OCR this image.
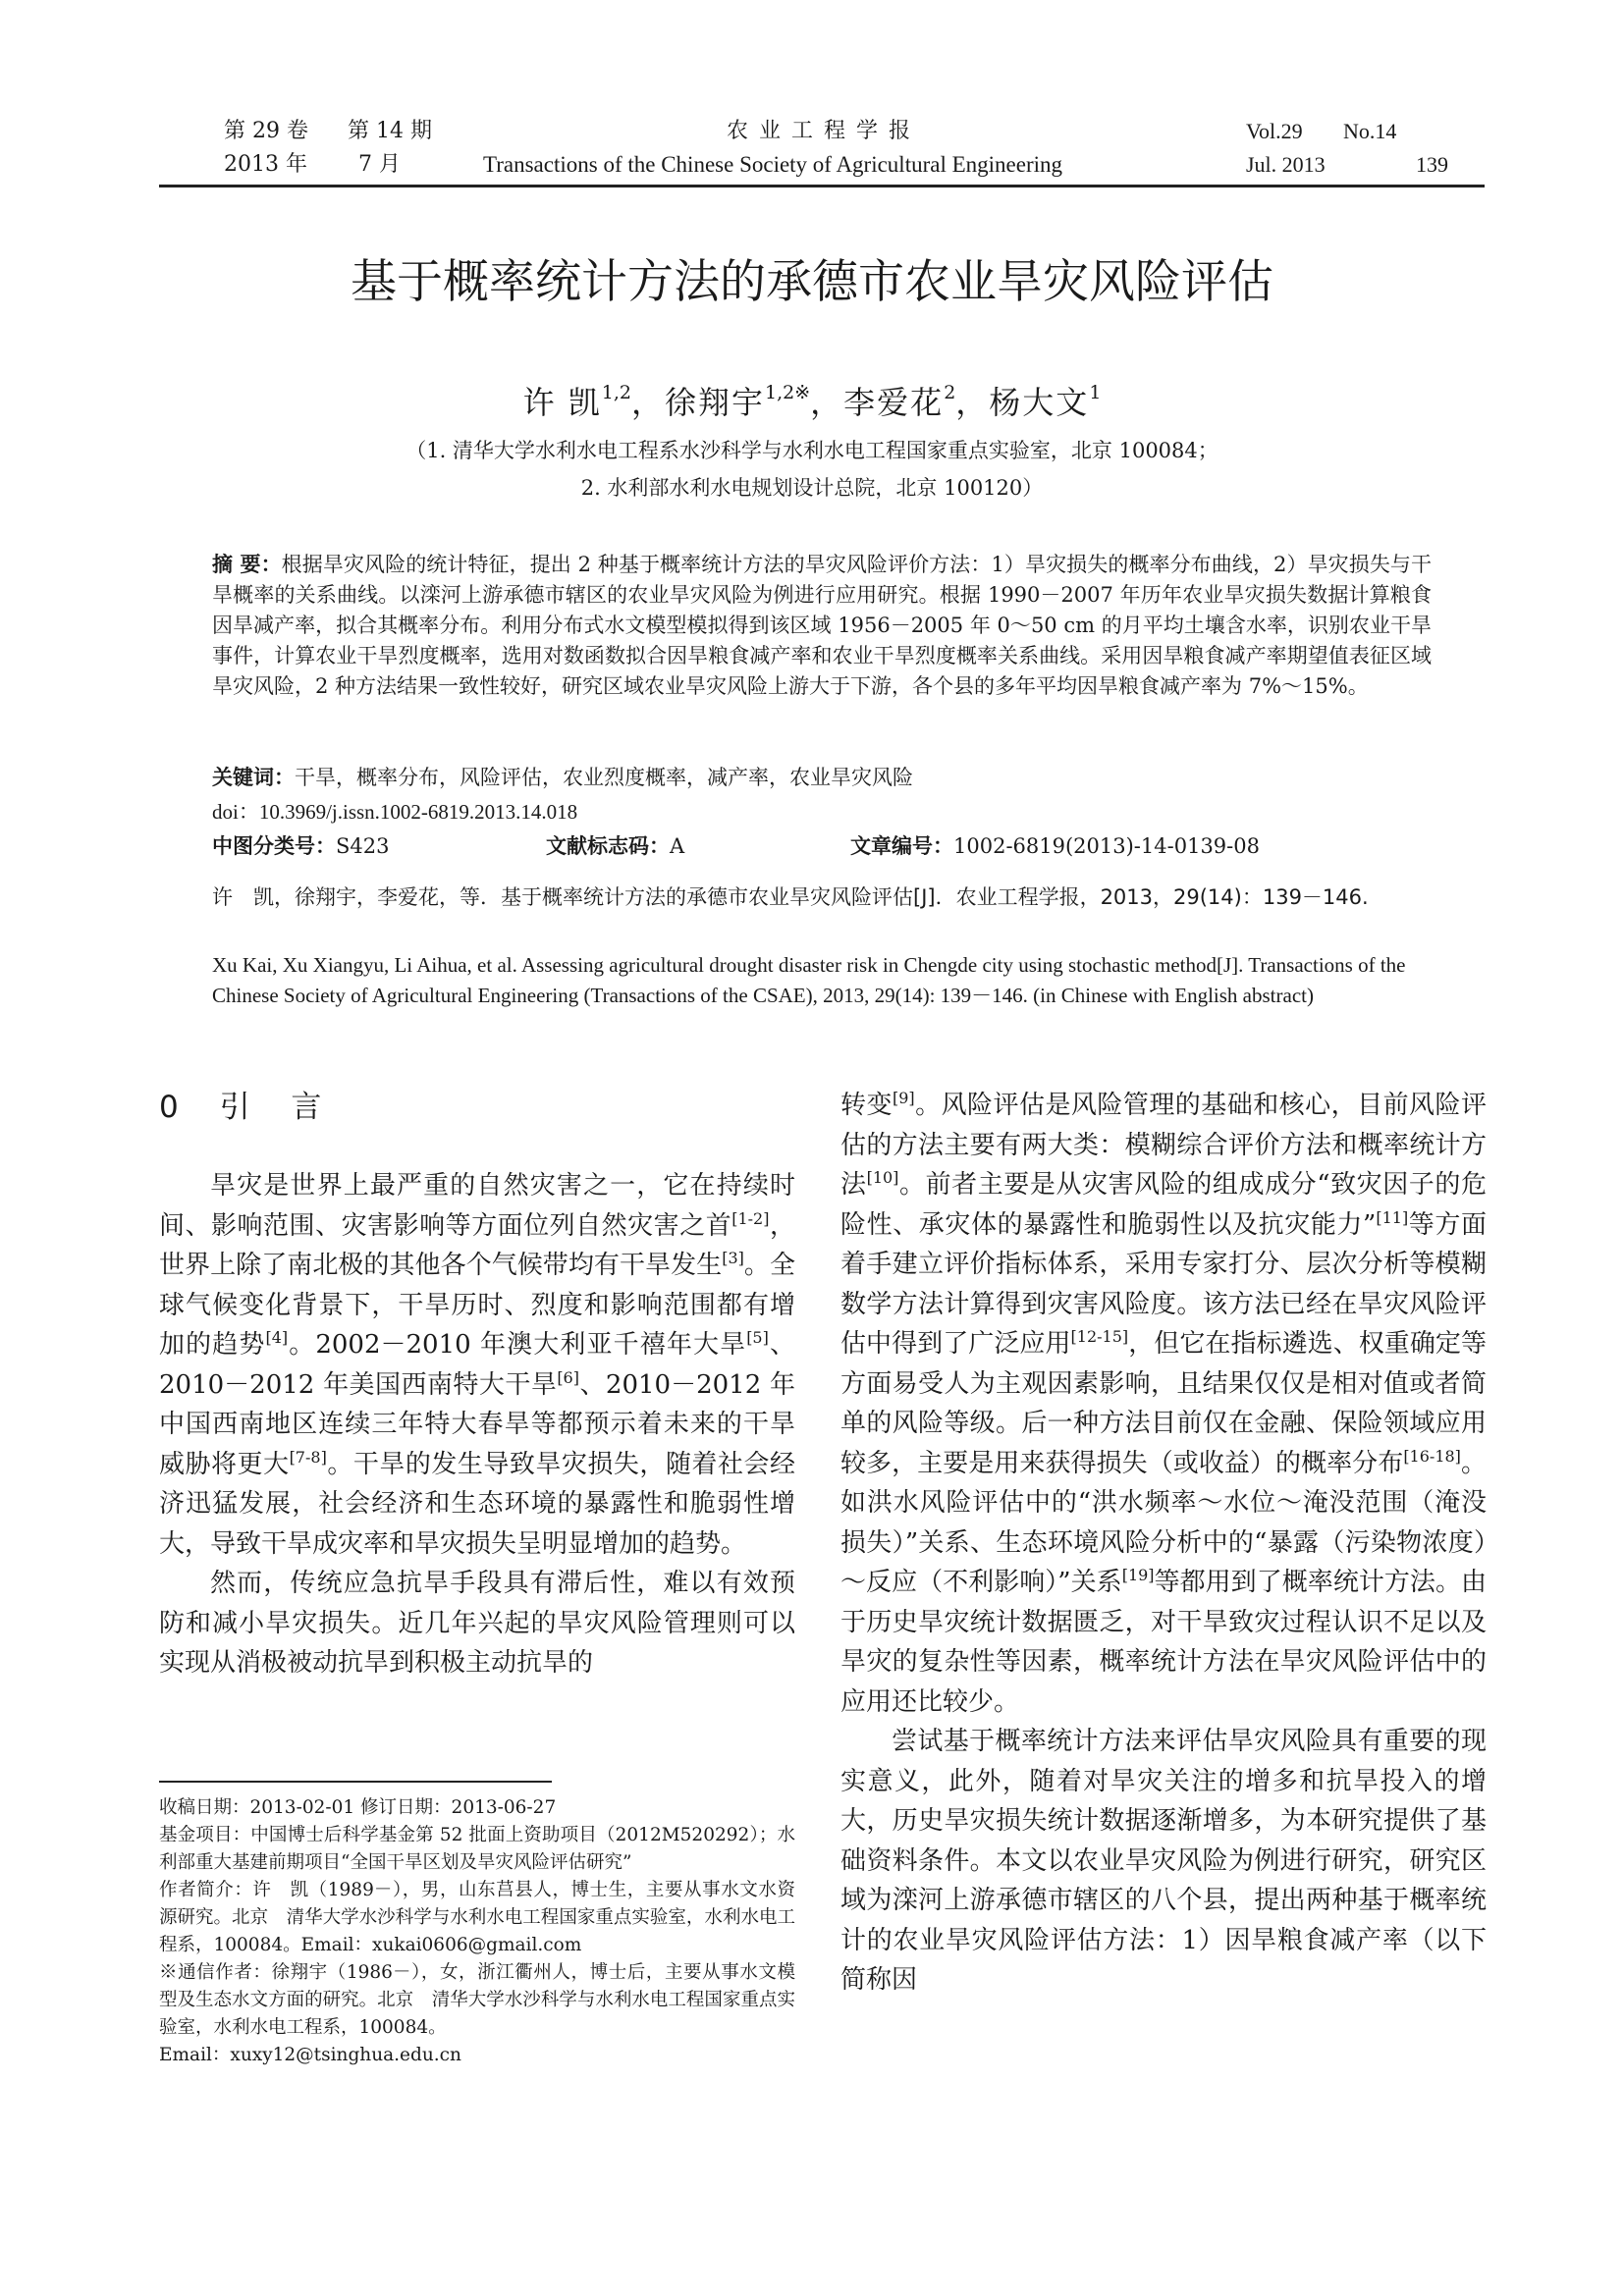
第 29 卷 第 14 期	农 业 工 程 学 报	Vol.29 No.14
2013 年 7 月	Transactions of the Chinese Society of Agricultural Engineering	Jul. 2013	139
基于概率统计方法的承德市农业旱灾风险评估
许 凯$^{1,2}$，徐翔宇$^{1,2※}$，李爱花$^2$，杨大文$^1$
（1. 清华大学水利水电工程系水沙科学与水利水电工程国家重点实验室，北京 100084；
2. 水利部水利水电规划设计总院，北京 100120）
摘 要：根据旱灾风险的统计特征，提出 2 种基于概率统计方法的旱灾风险评价方法：1）旱灾损失的概率分布曲线，2）旱灾损失与干旱概率的关系曲线。以滦河上游承德市辖区的农业旱灾风险为例进行应用研究。根据 1990－2007 年历年农业旱灾损失数据计算粮食因旱减产率，拟合其概率分布。利用分布式水文模型模拟得到该区域 1956－2005 年 0～50 cm 的月平均土壤含水率，识别农业干旱事件，计算农业干旱烈度概率，选用对数函数拟合因旱粮食减产率和农业干旱烈度概率关系曲线。采用因旱粮食减产率期望值表征区域旱灾风险，2 种方法结果一致性较好，研究区域农业旱灾风险上游大于下游，各个县的多年平均因旱粮食减产率为 7%～15%。
关键词：干旱，概率分布，风险评估，农业烈度概率，减产率，农业旱灾风险
doi：10.3969/j.issn.1002-6819.2013.14.018
中图分类号：S423	文献标志码：A	文章编号：1002-6819(2013)-14-0139-08
许　凯，徐翔宇，李爱花，等．基于概率统计方法的承德市农业旱灾风险评估[J]．农业工程学报，2013，29(14)：139－146.
Xu Kai, Xu Xiangyu, Li Aihua, et al. Assessing agricultural drought disaster risk in Chengde city using stochastic method[J]. Transactions of the Chinese Society of Agricultural Engineering (Transactions of the CSAE), 2013, 29(14): 139－146. (in Chinese with English abstract)
0 引 言

旱灾是世界上最严重的自然灾害之一，它在持续时间、影响范围、灾害影响等方面位列自然灾害之首[1-2]，世界上除了南北极的其他各个气候带均有干旱发生[3]。全球气候变化背景下，干旱历时、烈度和影响范围都有增加的趋势[4]。2002－2010 年澳大利亚千禧年大旱[5]、2010－2012 年美国西南特大干旱[6]、2010－2012 年中国西南地区连续三年特大春旱等都预示着未来的干旱威胁将更大[7-8]。干旱的发生导致旱灾损失，随着社会经济迅猛发展，社会经济和生态环境的暴露性和脆弱性增大，导致干旱成灾率和旱灾损失呈明显增加的趋势。

然而，传统应急抗旱手段具有滞后性，难以有效预防和减小旱灾损失。近几年兴起的旱灾风险管理则可以实现从消极被动抗旱到积极主动抗旱的

收稿日期：2013-02-01 修订日期：2013-06-27
基金项目：中国博士后科学基金第 52 批面上资助项目（2012M520292）；水利部重大基建前期项目“全国干旱区划及旱灾风险评估研究”
作者简介：许　凯（1989－），男，山东莒县人，博士生，主要从事水文水资源研究。北京　清华大学水沙科学与水利水电工程国家重点实验室，水利水电工程系，100084。Email：xukai0606@gmail.com
※通信作者：徐翔宇（1986－），女，浙江衢州人，博士后，主要从事水文模型及生态水文方面的研究。北京　清华大学水沙科学与水利水电工程国家重点实验室，水利水电工程系，100084。
Email：xuxy12@tsinghua.edu.cn

转变[9]。风险评估是风险管理的基础和核心，目前风险评估的方法主要有两大类：模糊综合评价方法和概率统计方法[10]。前者主要是从灾害风险的组成成分“致灾因子的危险性、承灾体的暴露性和脆弱性以及抗灾能力”[11]等方面着手建立评价指标体系，采用专家打分、层次分析等模糊数学方法计算得到灾害风险度。该方法已经在旱灾风险评估中得到了广泛应用[12-15]，但它在指标遴选、权重确定等方面易受人为主观因素影响，且结果仅仅是相对值或者简单的风险等级。后一种方法目前仅在金融、保险领域应用较多，主要是用来获得损失（或收益）的概率分布[16-18]。如洪水风险评估中的“洪水频率～水位～淹没范围（淹没损失）”关系、生态环境风险分析中的“暴露（污染物浓度）～反应（不利影响）”关系[19]等都用到了概率统计方法。由于历史旱灾统计数据匮乏，对干旱致灾过程认识不足以及旱灾的复杂性等因素，概率统计方法在旱灾风险评估中的应用还比较少。

尝试基于概率统计方法来评估旱灾风险具有重要的现实意义，此外，随着对旱灾关注的增多和抗旱投入的增大，历史旱灾损失统计数据逐渐增多，为本研究提供了基础资料条件。本文以农业旱灾风险为例进行研究，研究区域为滦河上游承德市辖区的八个县，提出两种基于概率统计的农业旱灾风险评估方法：1）因旱粮食减产率（以下简称因
